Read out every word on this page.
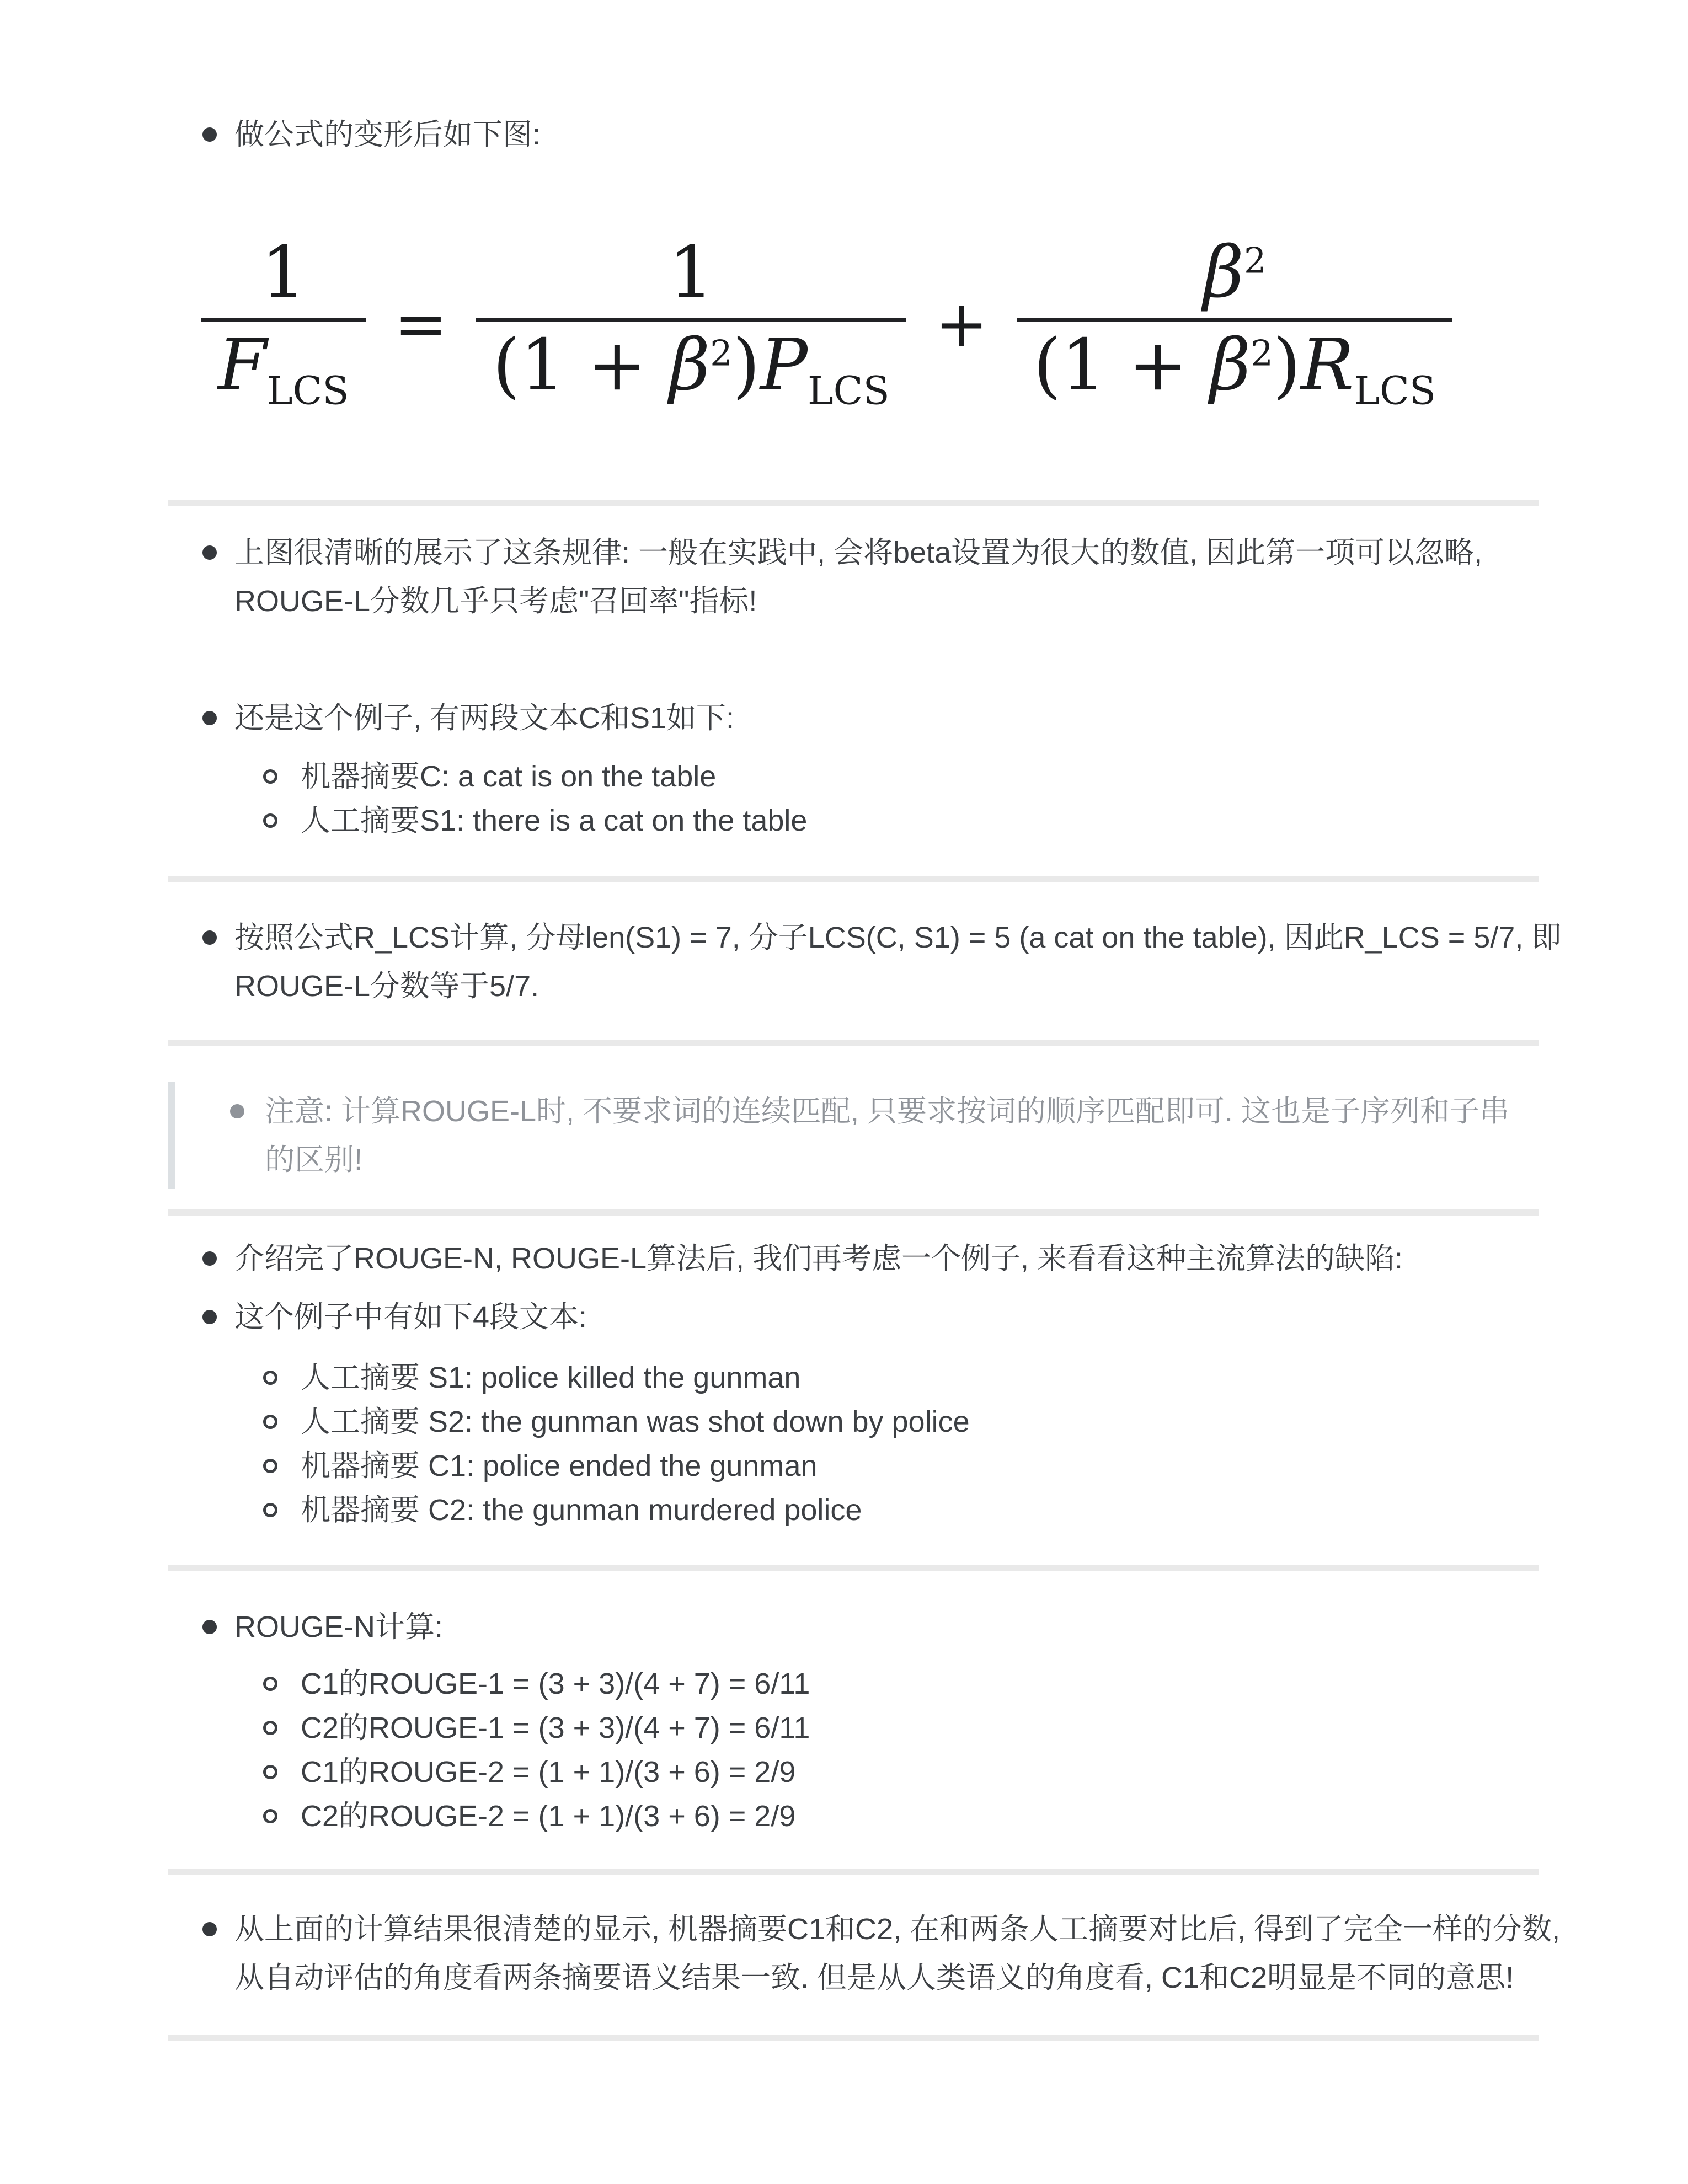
做公式的变形后如下图:
1
$F_{LCS}$
=
1
$(1 + \beta^2)P_{LCS}$
+
$\beta^2$
$(1 + \beta^2)R_{LCS}$
上图很清晰的展示了这条规律: 一般在实践中, 会将beta设置为很大的数值, 因此第一项可以忽略,
ROUGE-L分数几乎只考虑"召回率"指标!
还是这个例子, 有两段文本C和S1如下:
机器摘要C: a cat is on the table
人工摘要S1: there is a cat on the table
按照公式R_LCS计算, 分母len(S1) = 7, 分子LCS(C, S1) = 5 (a cat on the table), 因此R_LCS = 5/7, 即
ROUGE-L分数等于5/7.
注意: 计算ROUGE-L时, 不要求词的连续匹配, 只要求按词的顺序匹配即可. 这也是子序列和子串
的区别!
介绍完了ROUGE-N, ROUGE-L算法后, 我们再考虑一个例子, 来看看这种主流算法的缺陷:
这个例子中有如下4段文本:
人工摘要 S1: police killed the gunman
人工摘要 S2: the gunman was shot down by police
机器摘要 C1: police ended the gunman
机器摘要 C2: the gunman murdered police
ROUGE-N计算:
C1的ROUGE-1 = (3 + 3)/(4 + 7) = 6/11
C2的ROUGE-1 = (3 + 3)/(4 + 7) = 6/11
C1的ROUGE-2 = (1 + 1)/(3 + 6) = 2/9
C2的ROUGE-2 = (1 + 1)/(3 + 6) = 2/9
从上面的计算结果很清楚的显示, 机器摘要C1和C2, 在和两条人工摘要对比后, 得到了完全一样的分数,
从自动评估的角度看两条摘要语义结果一致. 但是从人类语义的角度看, C1和C2明显是不同的意思!
